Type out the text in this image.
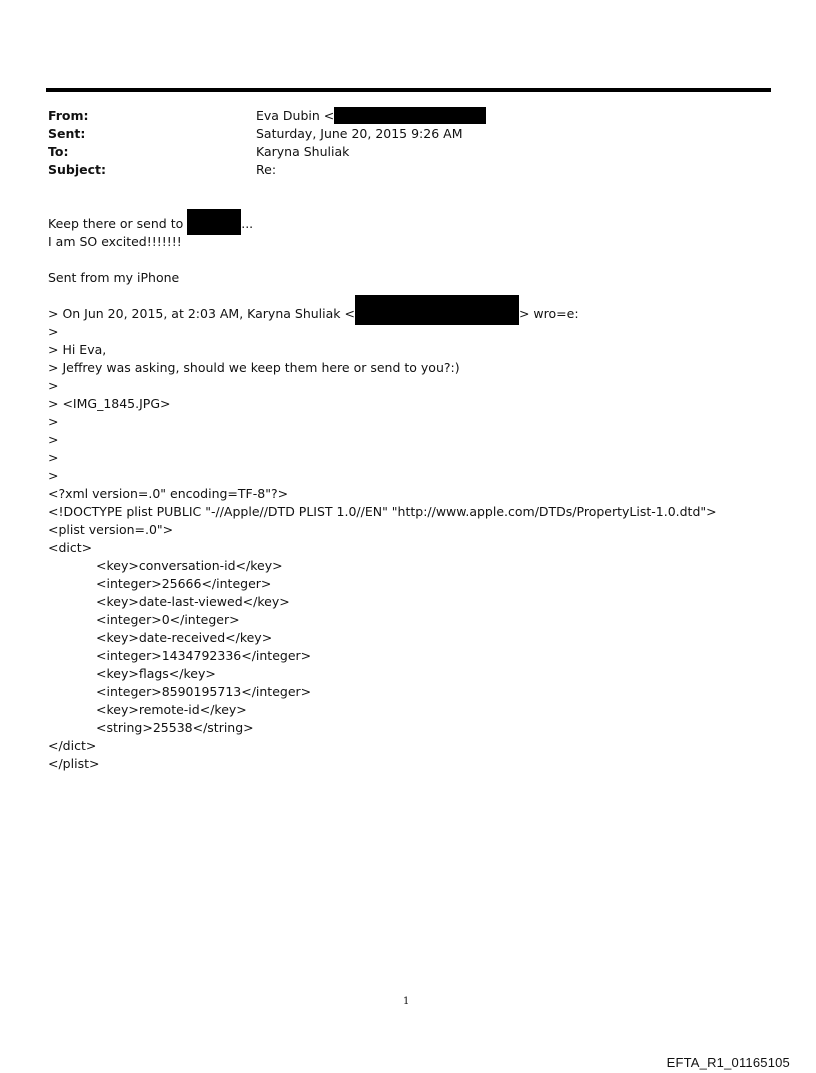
From:	Eva Dubin <
Sent:	Saturday, June 20, 2015 9:26 AM
To:	Karyna Shuliak
Subject:	Re:
Keep there or send to	...
I am SO excited!!!!!!!
Sent from my iPhone
> On Jun 20, 2015, at 2:03 AM, Karyna Shuliak <	> wro=e:
>
> Hi Eva,
> Jeffrey was asking, should we keep them here or send to you?:)
>
> <IMG_1845.JPG>
>
>
>
>
<?xml version=.0" encoding=TF-8"?>
<!DOCTYPE plist PUBLIC "-//Apple//DTD PLIST 1.0//EN" "http://www.apple.com/DTDs/PropertyList-1.0.dtd">
<plist version=.0">
<dict>
<key>conversation-id</key>
<integer>25666</integer>
<key>date-last-viewed</key>
<integer>0</integer>
<key>date-received</key>
<integer>1434792336</integer>
<key>flags</key>
<integer>8590195713</integer>
<key>remote-id</key>
<string>25538</string>
</dict>
</plist>
1
EFTA_R1_01165105
